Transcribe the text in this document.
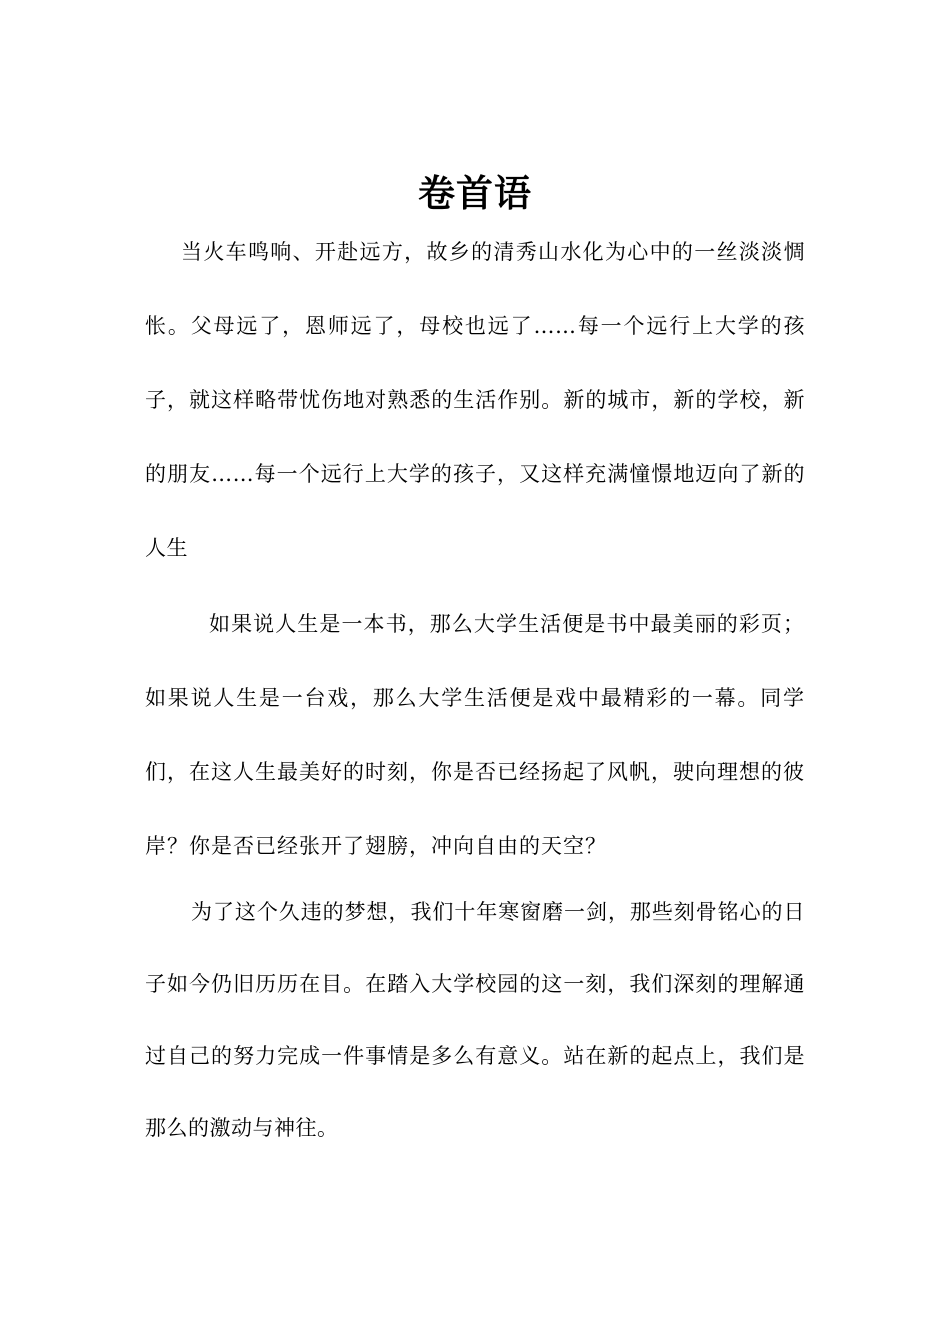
卷首语

当火车鸣响、开赴远方，故乡的清秀山水化为心中的一丝淡淡惆怅。父母远了，恩师远了，母校也远了……每一个远行上大学的孩子，就这样略带忧伤地对熟悉的生活作别。新的城市，新的学校，新的朋友……每一个远行上大学的孩子，又这样充满憧憬地迈向了新的人生

如果说人生是一本书，那么大学生活便是书中最美丽的彩页；如果说人生是一台戏，那么大学生活便是戏中最精彩的一幕。同学们，在这人生最美好的时刻，你是否已经扬起了风帆，驶向理想的彼岸？你是否已经张开了翅膀，冲向自由的天空？

为了这个久违的梦想，我们十年寒窗磨一剑，那些刻骨铭心的日子如今仍旧历历在目。在踏入大学校园的这一刻，我们深刻的理解通过自己的努力完成一件事情是多么有意义。站在新的起点上，我们是那么的激动与神往。
